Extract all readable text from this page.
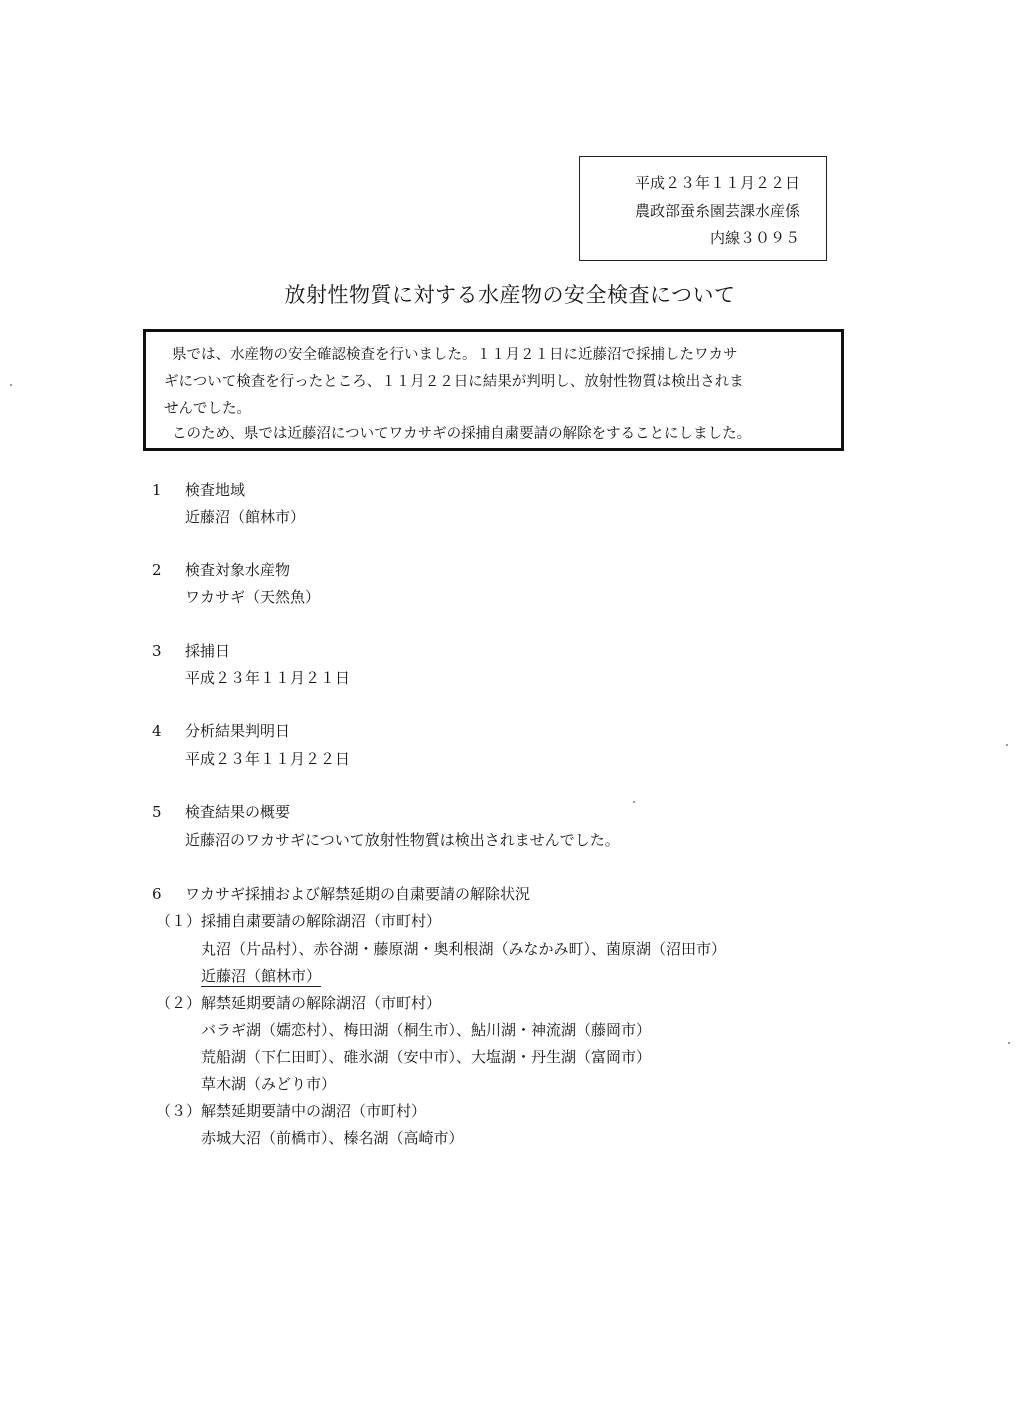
平成２３年１１月２２日
農政部蚕糸園芸課水産係
内線３０９５
放射性物質に対する水産物の安全検査について
県では、水産物の安全確認検査を行いました。１１月２１日に近藤沼で採捕したワカサ
ギについて検査を行ったところ、１１月２２日に結果が判明し、放射性物質は検出されま
せんでした。
このため、県では近藤沼についてワカサギの採捕自粛要請の解除をすることにしました。
1 検査地域
近藤沼（館林市）
2 検査対象水産物
ワカサギ（天然魚）
3 採捕日
平成２３年１１月２１日
4 分析結果判明日
平成２３年１１月２２日
5 検査結果の概要
近藤沼のワカサギについて放射性物質は検出されませんでした。
6 ワカサギ採捕および解禁延期の自粛要請の解除状況
（１）採捕自粛要請の解除湖沼（市町村）
丸沼（片品村）、赤谷湖・藤原湖・奥利根湖（みなかみ町）、菌原湖（沼田市）
近藤沼（館林市）
（２）解禁延期要請の解除湖沼（市町村）
バラギ湖（嬬恋村）、梅田湖（桐生市）、鮎川湖・神流湖（藤岡市）
荒船湖（下仁田町）、碓氷湖（安中市）、大塩湖・丹生湖（富岡市）
草木湖（みどり市）
（３）解禁延期要請中の湖沼（市町村）
赤城大沼（前橋市）、榛名湖（高崎市）
